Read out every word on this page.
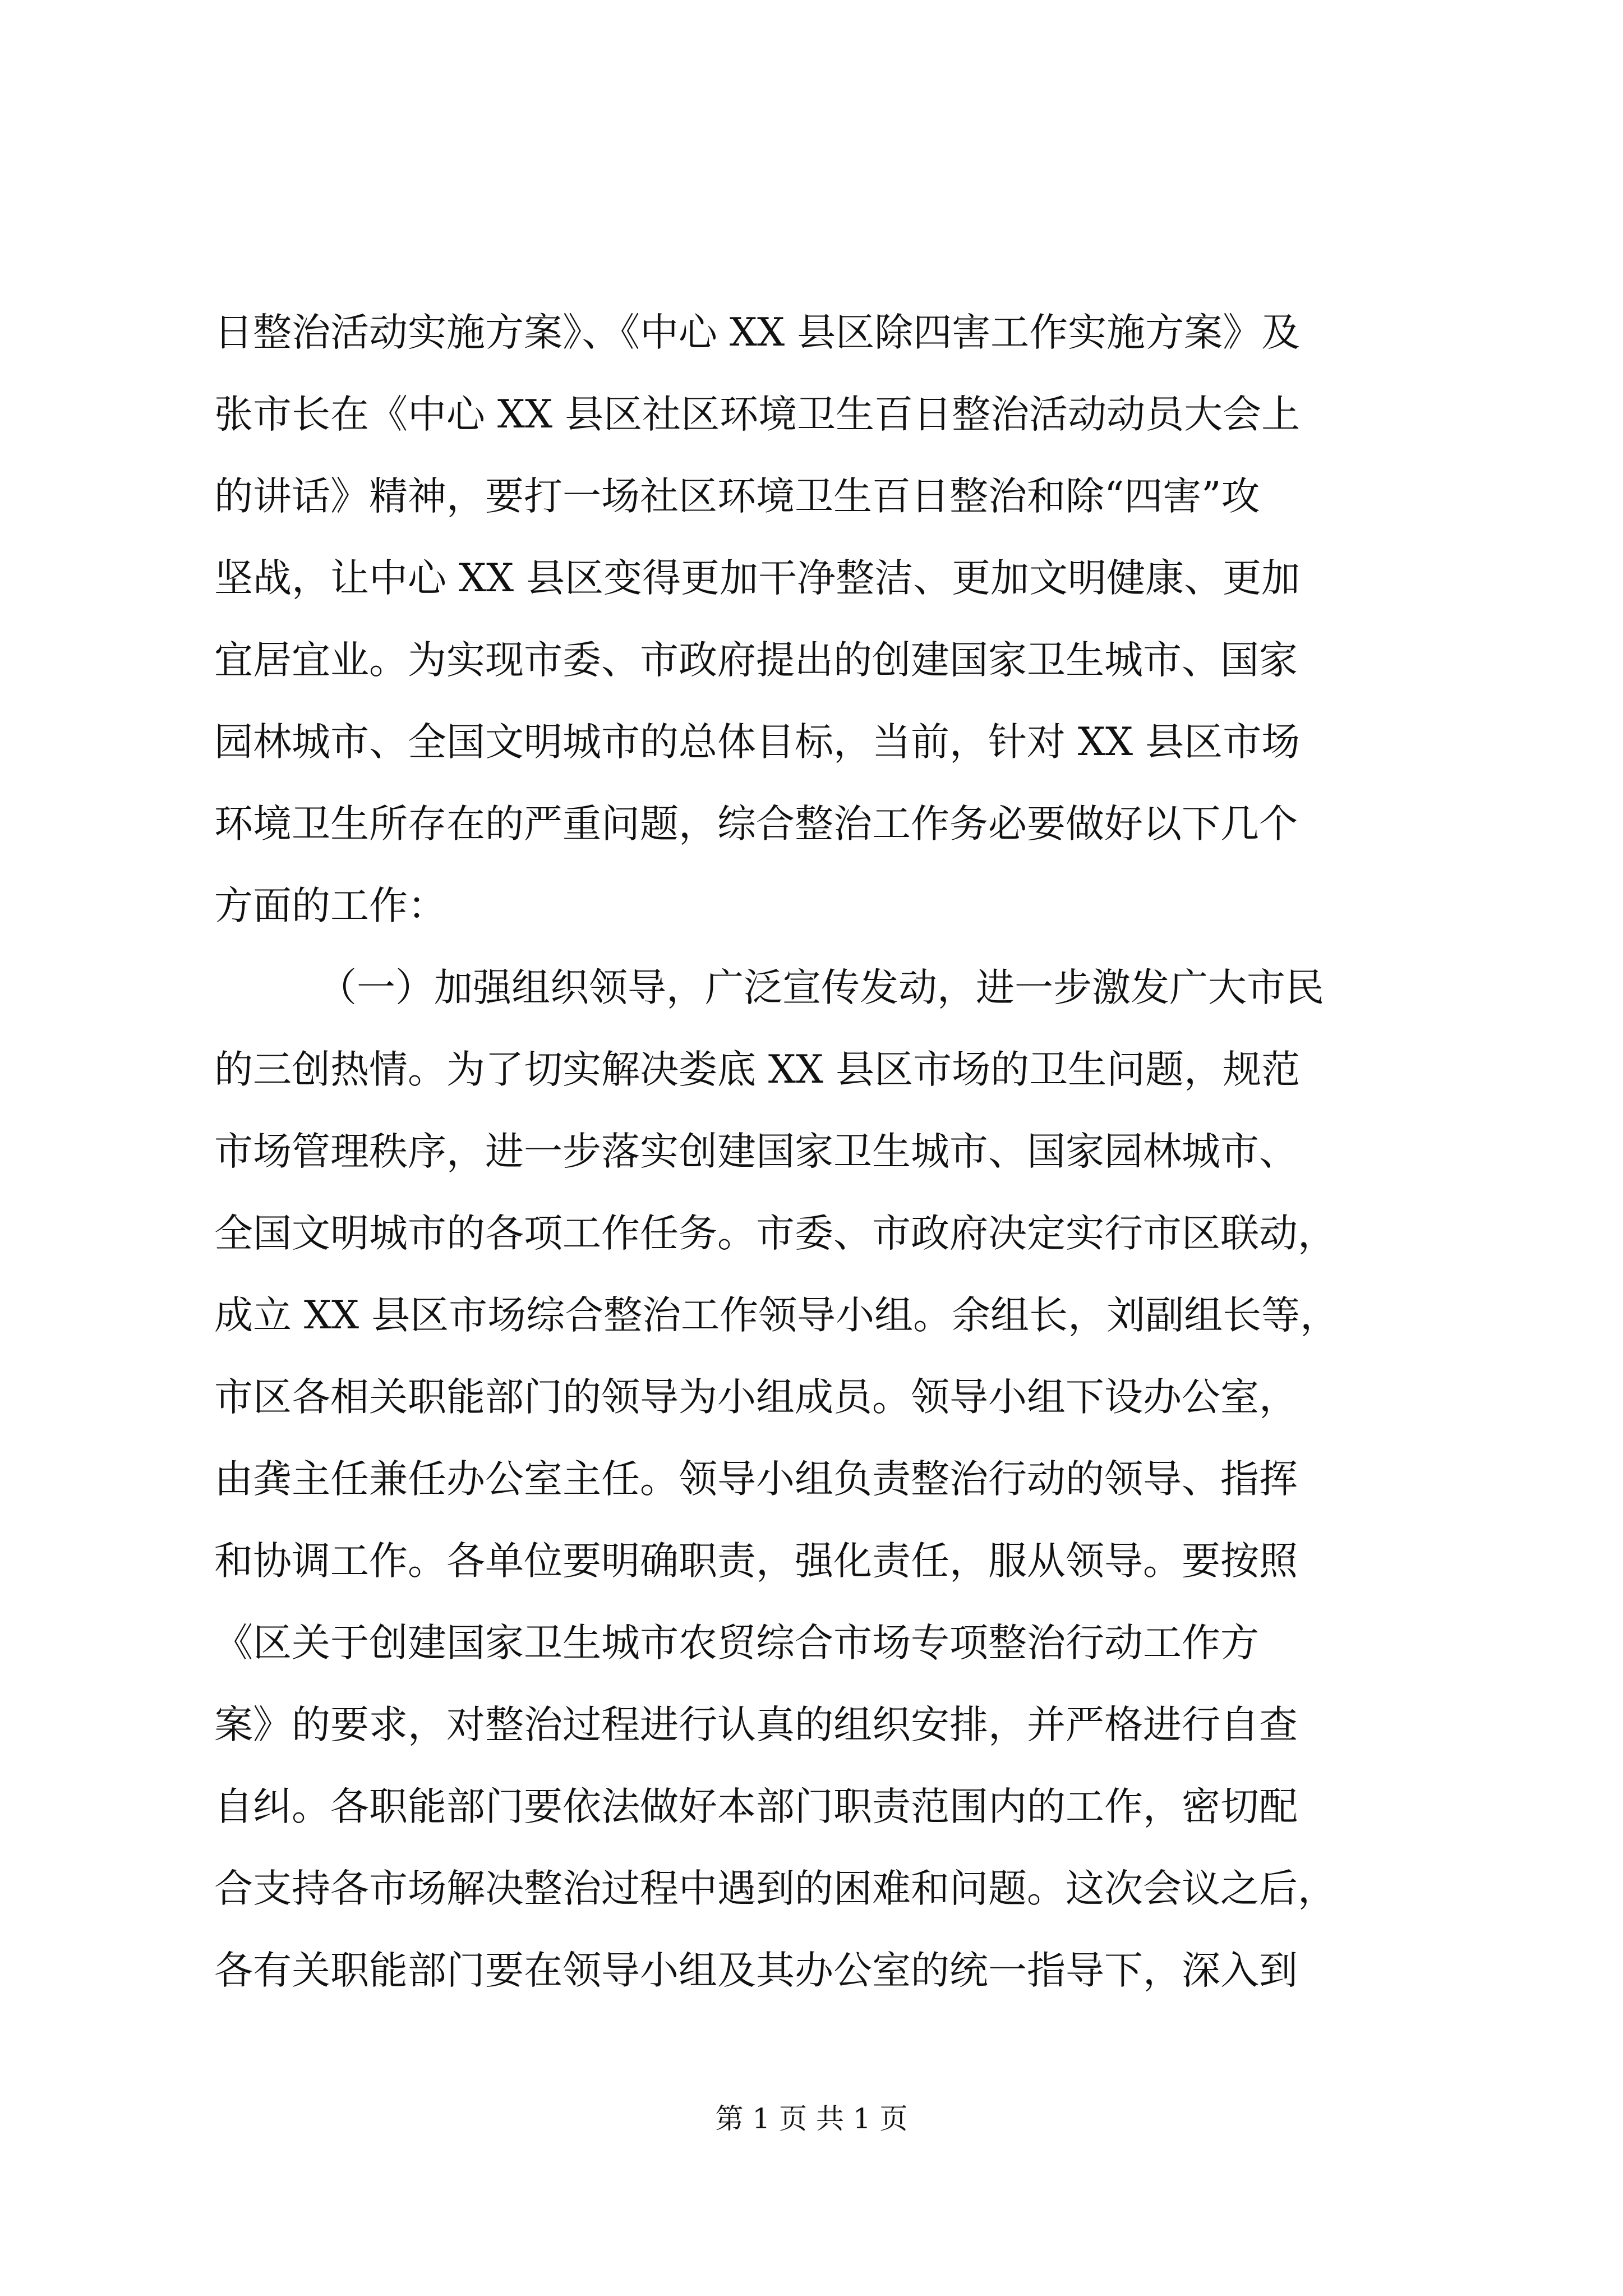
日整治活动实施方案》、《中心 XX 县区除四害工作实施方案》及
张市长在《中心 XX 县区社区环境卫生百日整治活动动员大会上
的讲话》精神，要打一场社区环境卫生百日整治和除“四害”攻
坚战，让中心 XX 县区变得更加干净整洁、更加文明健康、更加
宜居宜业。为实现市委、市政府提出的创建国家卫生城市、国家
园林城市、全国文明城市的总体目标，当前，针对 XX 县区市场
环境卫生所存在的严重问题，综合整治工作务必要做好以下几个
方面的工作：
（一）加强组织领导，广泛宣传发动，进一步激发广大市民
的三创热情。为了切实解决娄底 XX 县区市场的卫生问题，规范
市场管理秩序，进一步落实创建国家卫生城市、国家园林城市、
全国文明城市的各项工作任务。市委、市政府决定实行市区联动，
成立 XX 县区市场综合整治工作领导小组。余组长，刘副组长等，
市区各相关职能部门的领导为小组成员。领导小组下设办公室，
由龚主任兼任办公室主任。领导小组负责整治行动的领导、指挥
和协调工作。各单位要明确职责，强化责任，服从领导。要按照
《区关于创建国家卫生城市农贸综合市场专项整治行动工作方
案》的要求，对整治过程进行认真的组织安排，并严格进行自查
自纠。各职能部门要依法做好本部门职责范围内的工作，密切配
合支持各市场解决整治过程中遇到的困难和问题。这次会议之后，
各有关职能部门要在领导小组及其办公室的统一指导下，深入到
第 1 页 共 1 页
